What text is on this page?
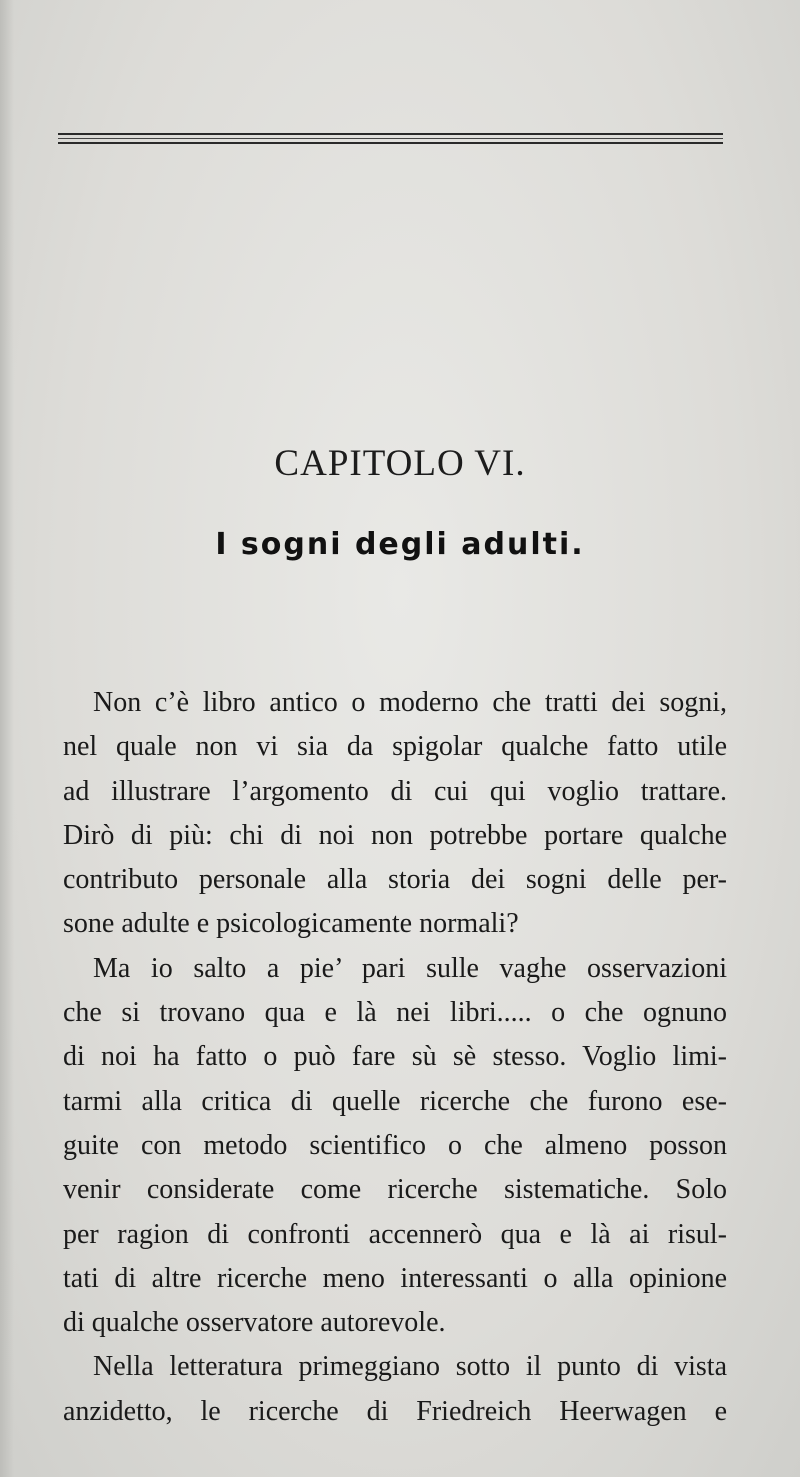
CAPITOLO VI.
I sogni degli adulti.
Non c’è libro antico o moderno che tratti dei sogni,
nel quale non vi sia da spigolar qualche fatto utile
ad illustrare l’argomento di cui qui voglio trattare.
Dirò di più: chi di noi non potrebbe portare qualche
contributo personale alla storia dei sogni delle per-
sone adulte e psicologicamente normali?
Ma io salto a pie’ pari sulle vaghe osservazioni
che si trovano qua e là nei libri..... o che ognuno
di noi ha fatto o può fare sù sè stesso. Voglio limi-
tarmi alla critica di quelle ricerche che furono ese-
guite con metodo scientifico o che almeno posson
venir considerate come ricerche sistematiche. Solo
per ragion di confronti accennerò qua e là ai risul-
tati di altre ricerche meno interessanti o alla opinione
di qualche osservatore autorevole.
Nella letteratura primeggiano sotto il punto di vista
anzidetto, le ricerche di Friedreich Heerwagen e
